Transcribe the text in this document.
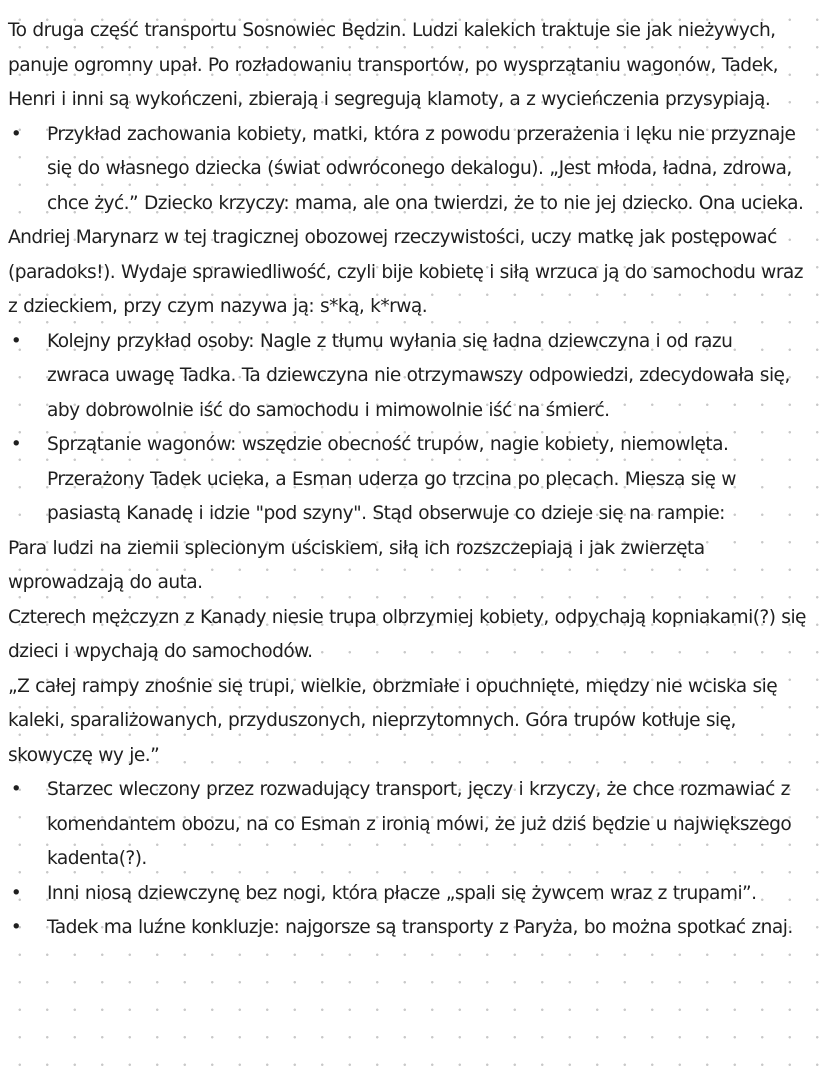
To druga część transportu Sosnowiec Będzin. Ludzi kalekich traktuje sie jak nieżywych,

panuje ogromny upał. Po rozładowaniu transportów, po wysprzątaniu wagonów, Tadek,

Henri i inni są wykończeni, zbierają i segregują klamoty, a z wycieńczenia przysypiają.

• Przykład zachowania kobiety, matki, która z powodu przerażenia i lęku nie przyznaje

się do własnego dziecka (świat odwróconego dekalogu). „Jest młoda, ładna, zdrowa,

chce żyć.” Dziecko krzyczy: mama, ale ona twierdzi, że to nie jej dziecko. Ona ucieka.

Andriej Marynarz w tej tragicznej obozowej rzeczywistości, uczy matkę jak postępować

(paradoks!). Wydaje sprawiedliwość, czyli bije kobietę i siłą wrzuca ją do samochodu wraz

z dzieckiem, przy czym nazywa ją: s*ką, k*rwą.

• Kolejny przykład osoby: Nagle z tłumu wyłania się ładna dziewczyna i od razu

zwraca uwagę Tadka. Ta dziewczyna nie otrzymawszy odpowiedzi, zdecydowała się,

aby dobrowolnie iść do samochodu i mimowolnie iść na śmierć.

• Sprzątanie wagonów: wszędzie obecność trupów, nagie kobiety, niemowlęta.

Przerażony Tadek ucieka, a Esman uderza go trzcina po plecach. Miesza się w

pasiastą Kanadę i idzie "pod szyny". Stąd obserwuje co dzieje się na rampie:

Para ludzi na ziemii splecionym uściskiem, siłą ich rozszczepiają i jak zwierzęta

wprowadzają do auta.

Czterech mężczyzn z Kanady niesie trupa olbrzymiej kobiety, odpychają kopniakami(?) się

dzieci i wpychają do samochodów.

„Z całej rampy znośnie się trupi, wielkie, obrzmiałe i opuchnięte, między nie wciska się

kaleki, sparaliżowanych, przyduszonych, nieprzytomnych. Góra trupów kotłuje się,

skowyczę wy je.”

• Starzec wleczony przez rozwadujący transport, jęczy i krzyczy, że chce rozmawiać z

komendantem obozu, na co Esman z ironią mówi, że już dziś będzie u największego

kadenta(?).

• Inni niosą dziewczynę bez nogi, która płacze „spali się żywcem wraz z trupami”.

• Tadek ma luźne konkluzje: najgorsze są transporty z Paryża, bo można spotkać znaj.
